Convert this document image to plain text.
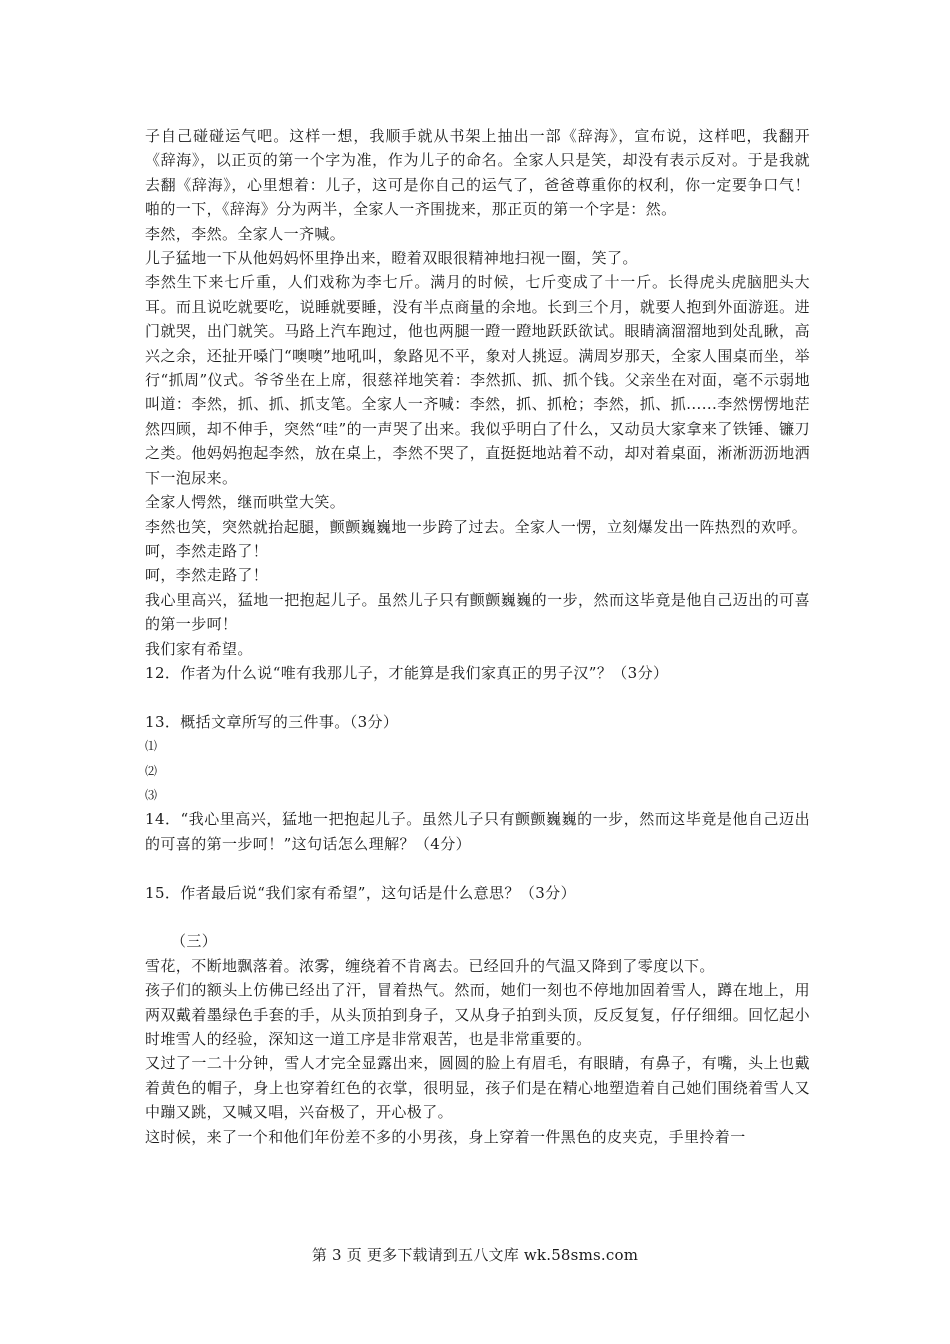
子自己碰碰运气吧。这样一想，我顺手就从书架上抽出一部《辞海》，宣布说，这样吧，我翻开《辞海》，以正页的第一个字为准，作为儿子的命名。全家人只是笑，却没有表示反对。于是我就去翻《辞海》，心里想着：儿子，这可是你自己的运气了，爸爸尊重你的权利，你一定要争口气！啪的一下，《辞海》分为两半，全家人一齐围拢来，那正页的第一个字是：然。

李然，李然。全家人一齐喊。

儿子猛地一下从他妈妈怀里挣出来，瞪着双眼很精神地扫视一圈，笑了。

李然生下来七斤重，人们戏称为李七斤。满月的时候，七斤变成了十一斤。长得虎头虎脑肥头大耳。而且说吃就要吃，说睡就要睡，没有半点商量的余地。长到三个月，就要人抱到外面游逛。进门就哭，出门就笑。马路上汽车跑过，他也两腿一蹬一蹬地跃跃欲试。眼睛滴溜溜地到处乱瞅，高兴之余，还扯开嗓门“噢噢”地吼叫，象路见不平，象对人挑逗。满周岁那天，全家人围桌而坐，举行“抓周”仪式。爷爷坐在上席，很慈祥地笑着：李然抓、抓、抓个钱。父亲坐在对面，毫不示弱地叫道：李然，抓、抓、抓支笔。全家人一齐喊：李然，抓、抓枪；李然，抓、抓......李然愣愣地茫然四顾，却不伸手，突然“哇”的一声哭了出来。我似乎明白了什么，又动员大家拿来了铁锤、镰刀之类。他妈妈抱起李然，放在桌上，李然不哭了，直挺挺地站着不动，却对着桌面，淅淅沥沥地洒下一泡尿来。

全家人愕然，继而哄堂大笑。

李然也笑，突然就抬起腿，颤颤巍巍地一步跨了过去。全家人一愣，立刻爆发出一阵热烈的欢呼。

呵，李然走路了！

呵，李然走路了！

我心里高兴，猛地一把抱起儿子。虽然儿子只有颤颤巍巍的一步，然而这毕竟是他自己迈出的可喜的第一步呵！

我们家有希望。

12．作者为什么说“唯有我那儿子，才能算是我们家真正的男子汉”？（3分）

13．概括文章所写的三件事。（3分）

⑴

⑵

⑶

14．“我心里高兴，猛地一把抱起儿子。虽然儿子只有颤颤巍巍的一步，然而这毕竟是他自己迈出的可喜的第一步呵！”这句话怎么理解？（4分）

15．作者最后说“我们家有希望”，这句话是什么意思？（3分）

（三）

雪花，不断地飘落着。浓雾，缠绕着不肯离去。已经回升的气温又降到了零度以下。

孩子们的额头上仿佛已经出了汗，冒着热气。然而，她们一刻也不停地加固着雪人，蹲在地上，用两双戴着墨绿色手套的手，从头顶拍到身子，又从身子拍到头顶，反反复复，仔仔细细。回忆起小时堆雪人的经验，深知这一道工序是非常艰苦，也是非常重要的。

又过了一二十分钟，雪人才完全显露出来，圆圆的脸上有眉毛，有眼睛，有鼻子，有嘴，头上也戴着黄色的帽子，身上也穿着红色的衣掌，很明显，孩子们是在精心地塑造着自己她们围绕着雪人又中蹦又跳，又喊又唱，兴奋极了，开心极了。

这时候，来了一个和他们年份差不多的小男孩，身上穿着一件黑色的皮夹克，手里拎着一

第 3 页 更多下载请到五八文库 wk.58sms.com
